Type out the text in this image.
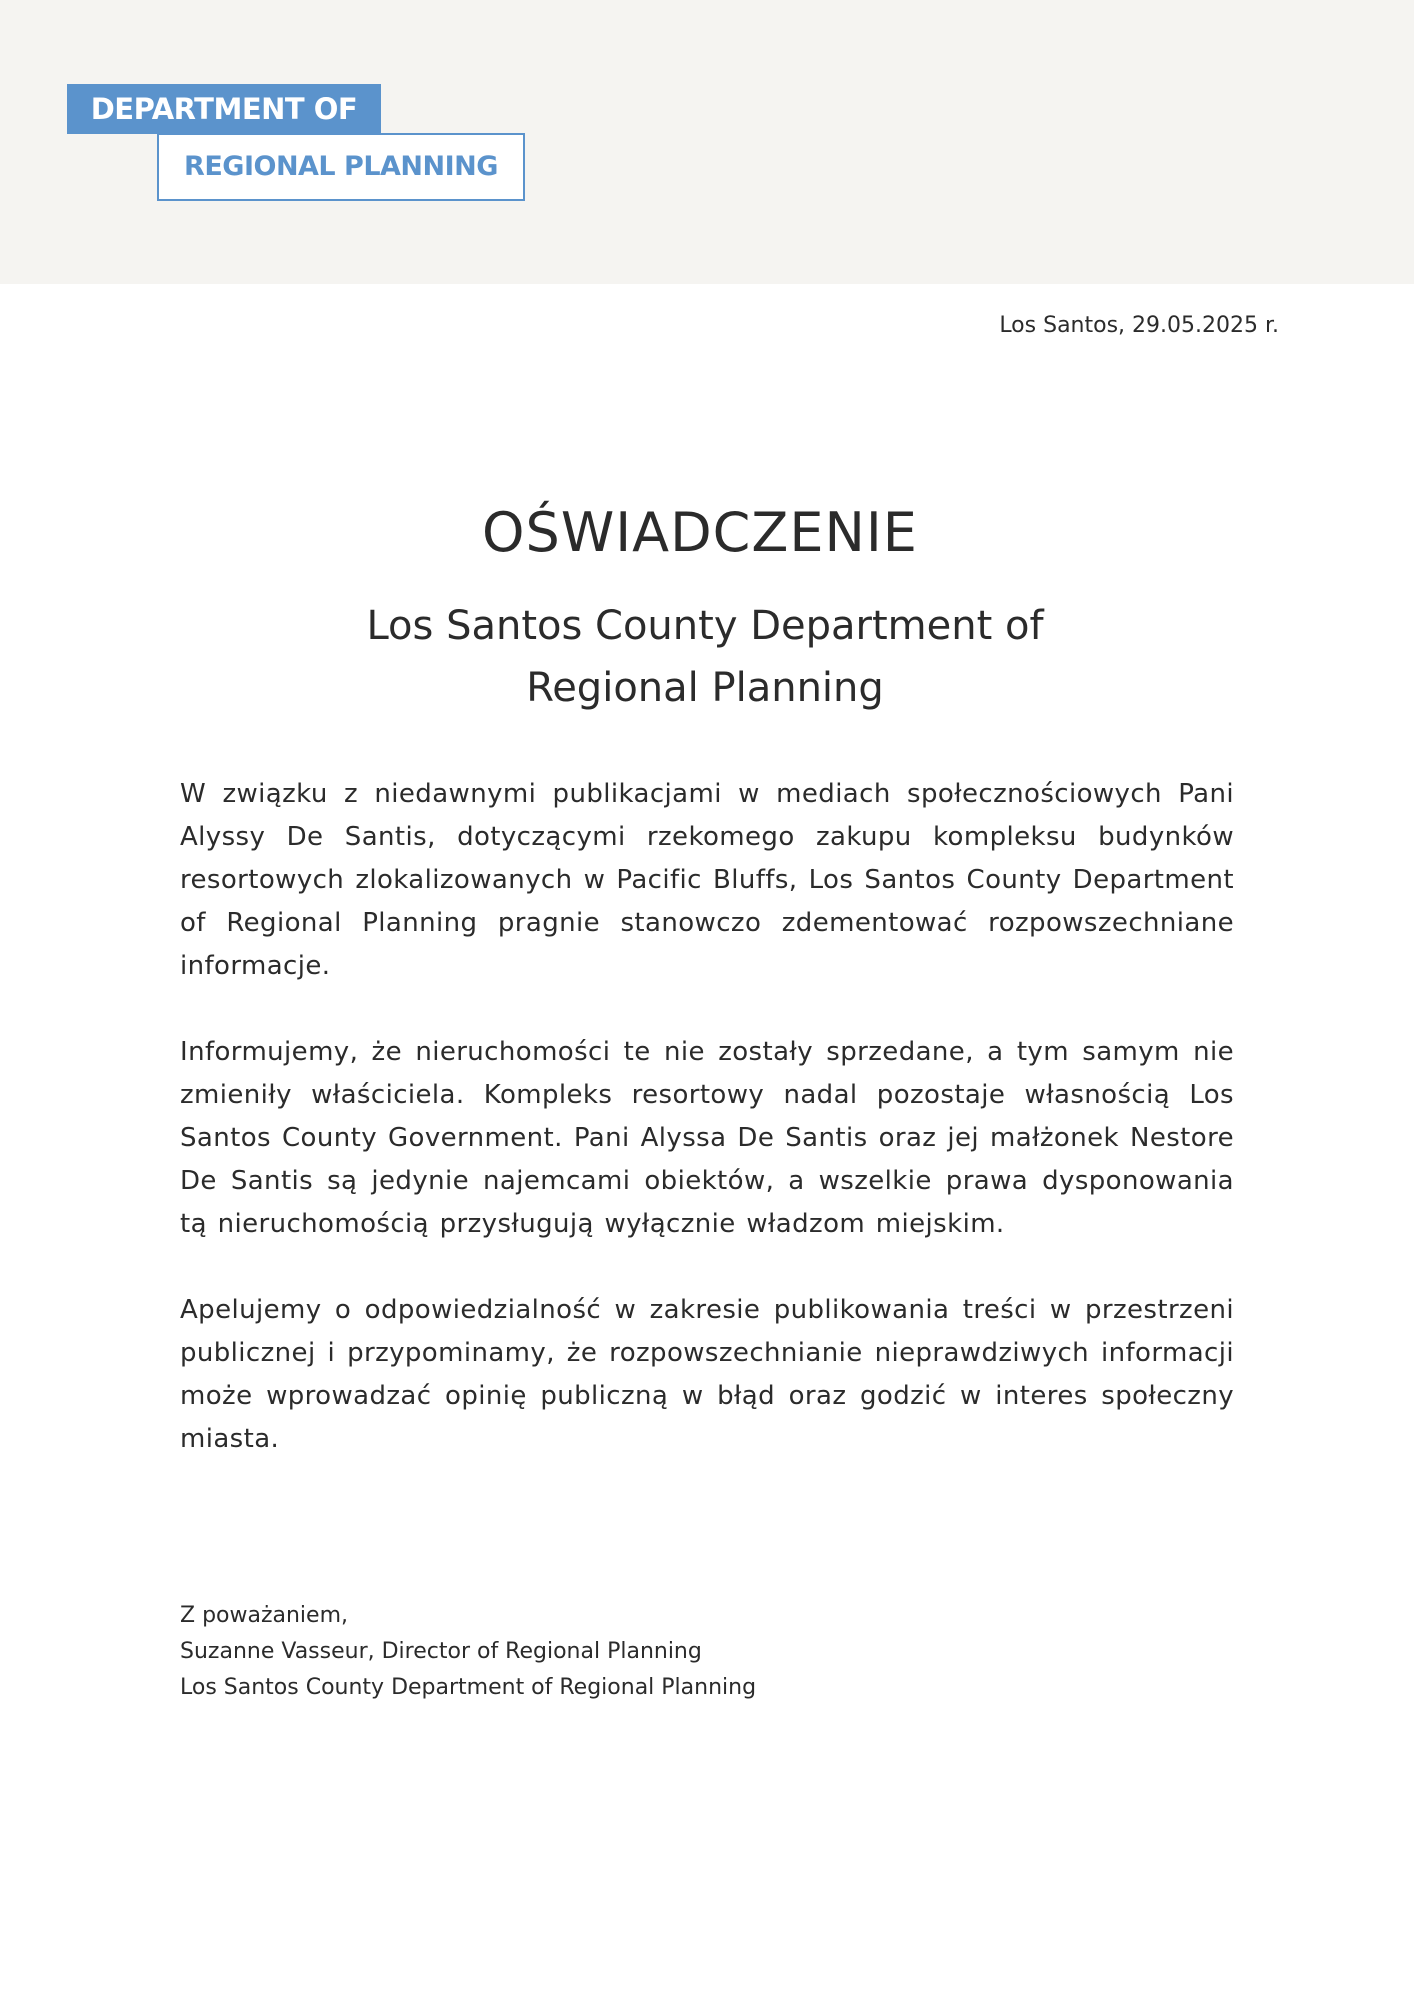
DEPARTMENT OF
REGIONAL PLANNING
Los Santos, 29.05.2025 r.
OŚWIADCZENIE
Los Santos County Department of Regional Planning

W związku z niedawnymi publikacjami w mediach społecznościowych Pani Alyssy De Santis, dotyczącymi rzekomego zakupu kompleksu budynków resortowych zlokalizowanych w Pacific Bluffs, Los Santos County Department of Regional Planning pragnie stanowczo zdementować rozpowszechniane informacje.

Informujemy, że nieruchomości te nie zostały sprzedane, a tym samym nie zmieniły właściciela. Kompleks resortowy nadal pozostaje własnością Los Santos County Government. Pani Alyssa De Santis oraz jej małżonek Nestore De Santis są jedynie najemcami obiektów, a wszelkie prawa dysponowania tą nieruchomością przysługują wyłącznie władzom miejskim.

Apelujemy o odpowiedzialność w zakresie publikowania treści w przestrzeni publicznej i przypominamy, że rozpowszechnianie nieprawdziwych informacji może wprowadzać opinię publiczną w błąd oraz godzić w interes społeczny miasta.

Z poważaniem,
Suzanne Vasseur, Director of Regional Planning
Los Santos County Department of Regional Planning
